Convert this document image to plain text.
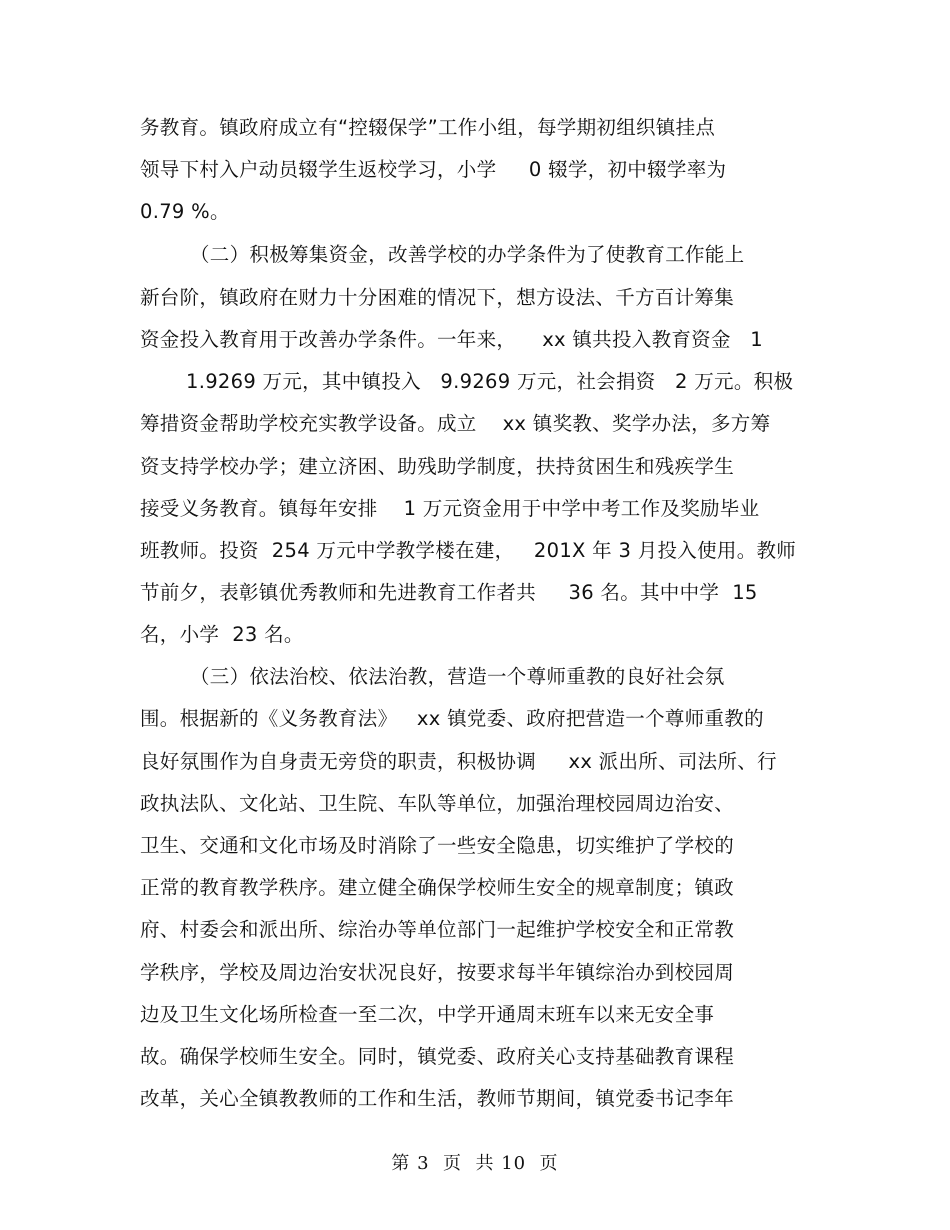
务教育。镇政府成立有“控辍保学”工作小组，每学期初组织镇挂点
领导下村入户动员辍学生返校学习，小学     0 辍学，初中辍学率为
0.79 %。
（二）积极筹集资金，改善学校的办学条件为了使教育工作能上
新台阶，镇政府在财力十分困难的情况下，想方设法、千方百计筹集
资金投入教育用于改善办学条件。一年来，    xx 镇共投入教育资金   1
1.9269 万元，其中镇投入   9.9269 万元，社会捐资   2 万元。积极
筹措资金帮助学校充实教学设备。成立    xx 镇奖教、奖学办法，多方筹
资支持学校办学；建立济困、助残助学制度，扶持贫困生和残疾学生
接受义务教育。镇每年安排    1 万元资金用于中学中考工作及奖励毕业
班教师。投资  254 万元中学教学楼在建，   201X 年 3 月投入使用。教师
节前夕，表彰镇优秀教师和先进教育工作者共     36 名。其中中学  15
名，小学  23 名。
（三）依法治校、依法治教，营造一个尊师重教的良好社会氛
围。根据新的《义务教育法》   xx 镇党委、政府把营造一个尊师重教的
良好氛围作为自身责无旁贷的职责，积极协调     xx 派出所、司法所、行
政执法队、文化站、卫生院、车队等单位，加强治理校园周边治安、
卫生、交通和文化市场及时消除了一些安全隐患，切实维护了学校的
正常的教育教学秩序。建立健全确保学校师生安全的规章制度；镇政
府、村委会和派出所、综治办等单位部门一起维护学校安全和正常教
学秩序，学校及周边治安状况良好，按要求每半年镇综治办到校园周
边及卫生文化场所检查一至二次，中学开通周末班车以来无安全事
故。确保学校师生安全。同时，镇党委、政府关心支持基础教育课程
改革，关心全镇教教师的工作和生活，教师节期间，镇党委书记李年
第 3  页  共 10  页
